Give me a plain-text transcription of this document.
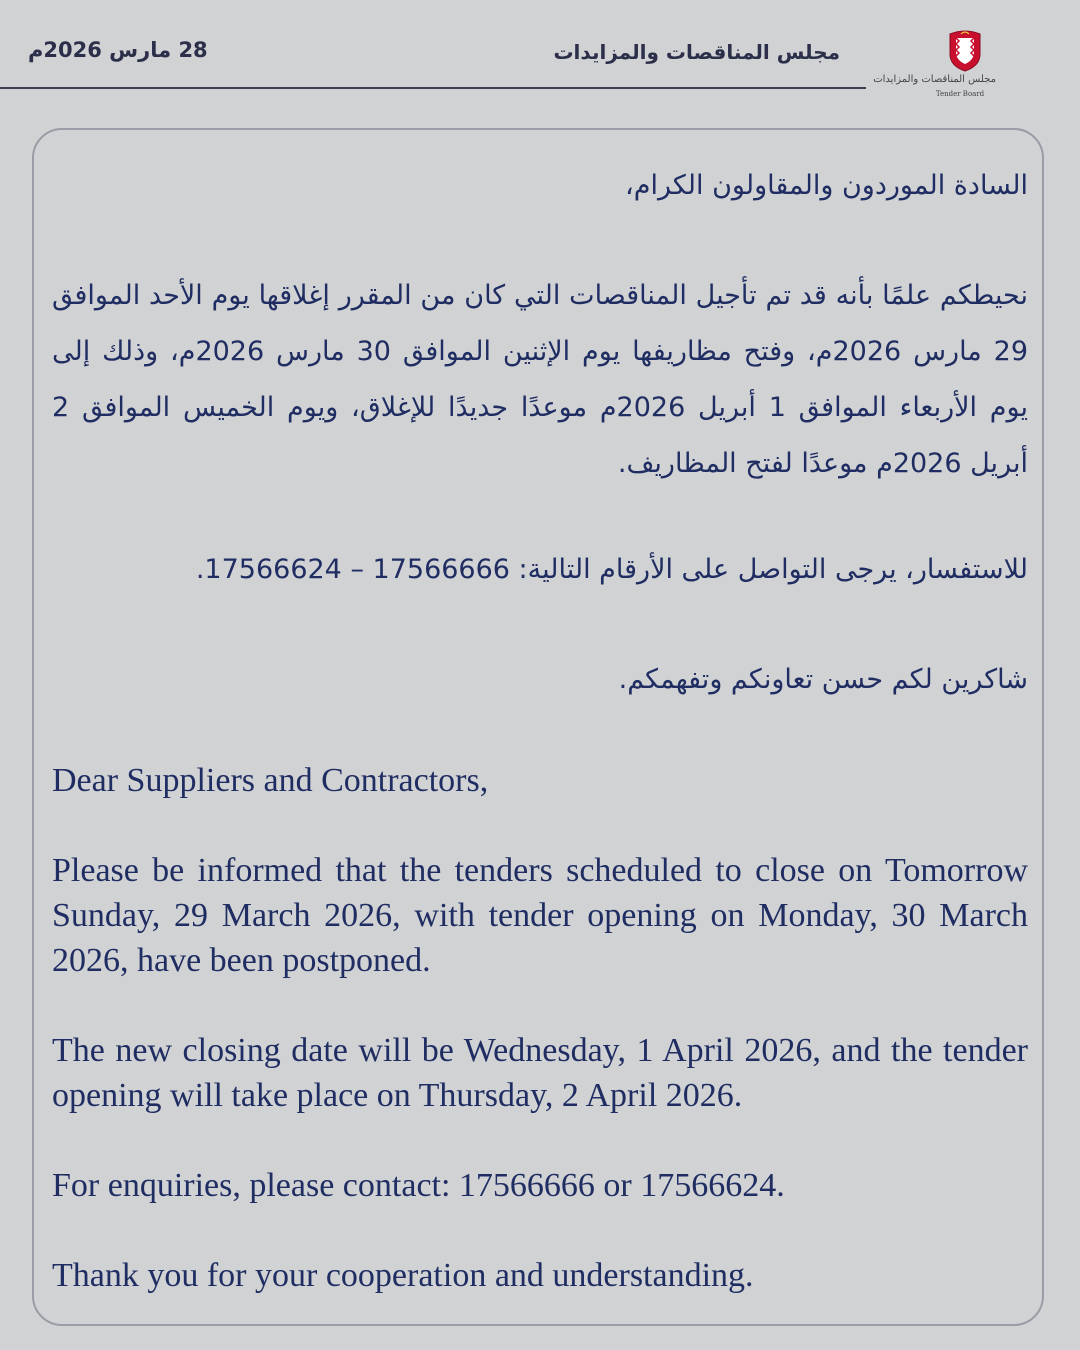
28 مارس 2026م	مجلس المناقصات والمزايدات
مجلس المناقصات والمزايدات
Tender Board

السادة الموردون والمقاولون الكرام،

نحيطكم علمًا بأنه قد تم تأجيل المناقصات التي كان من المقرر إغلاقها يوم الأحد الموافق 29 مارس 2026م، وفتح مظاريفها يوم الإثنين الموافق 30 مارس 2026م، وذلك إلى يوم الأربعاء الموافق 1 أبريل 2026م موعدًا جديدًا للإغلاق، ويوم الخميس الموافق 2 أبريل 2026م موعدًا لفتح المظاريف.

للاستفسار، يرجى التواصل على الأرقام التالية: 17566666 – 17566624.

شاكرين لكم حسن تعاونكم وتفهمكم.

Dear Suppliers and Contractors,

Please be informed that the tenders scheduled to close on Tomorrow Sunday, 29 March 2026, with tender opening on Monday, 30 March 2026, have been postponed.

The new closing date will be Wednesday, 1 April 2026, and the tender opening will take place on Thursday, 2 April 2026.

For enquiries, please contact: 17566666 or 17566624.

Thank you for your cooperation and understanding.
